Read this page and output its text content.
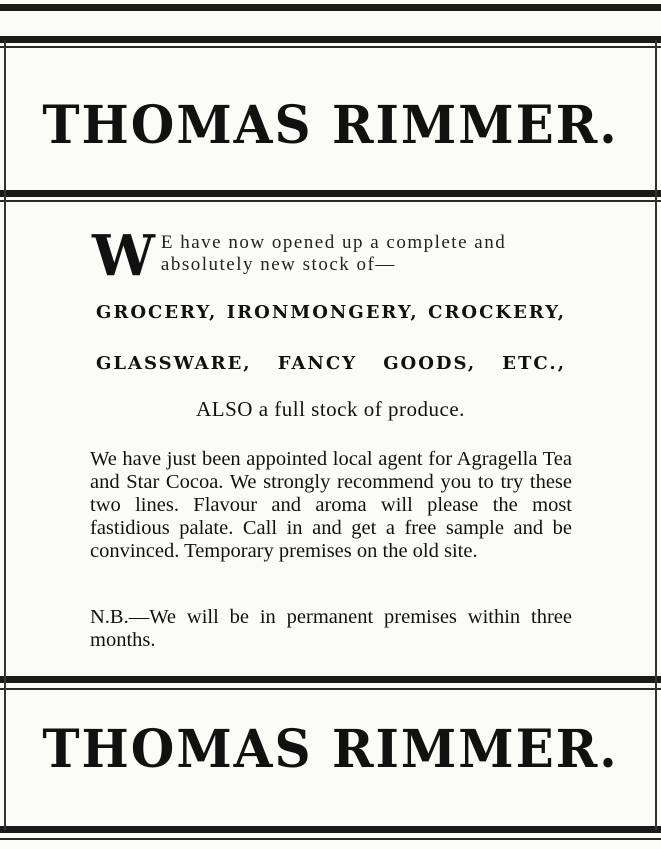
THOMAS RIMMER.
W E have now opened up a complete and absolutely new stock of—
GROCERY, IRONMONGERY, CROCKERY,
GLASSWARE, FANCY GOODS, ETC.,
ALSO a full stock of produce.
We have just been appointed local agent for Agragella Tea and Star Cocoa. We strongly recommend you to try these two lines. Flavour and aroma will please the most fastidious palate. Call in and get a free sample and be convinced. Temporary premises on the old site.
N.B.—We will be in permanent premises within three months.
THOMAS RIMMER.
